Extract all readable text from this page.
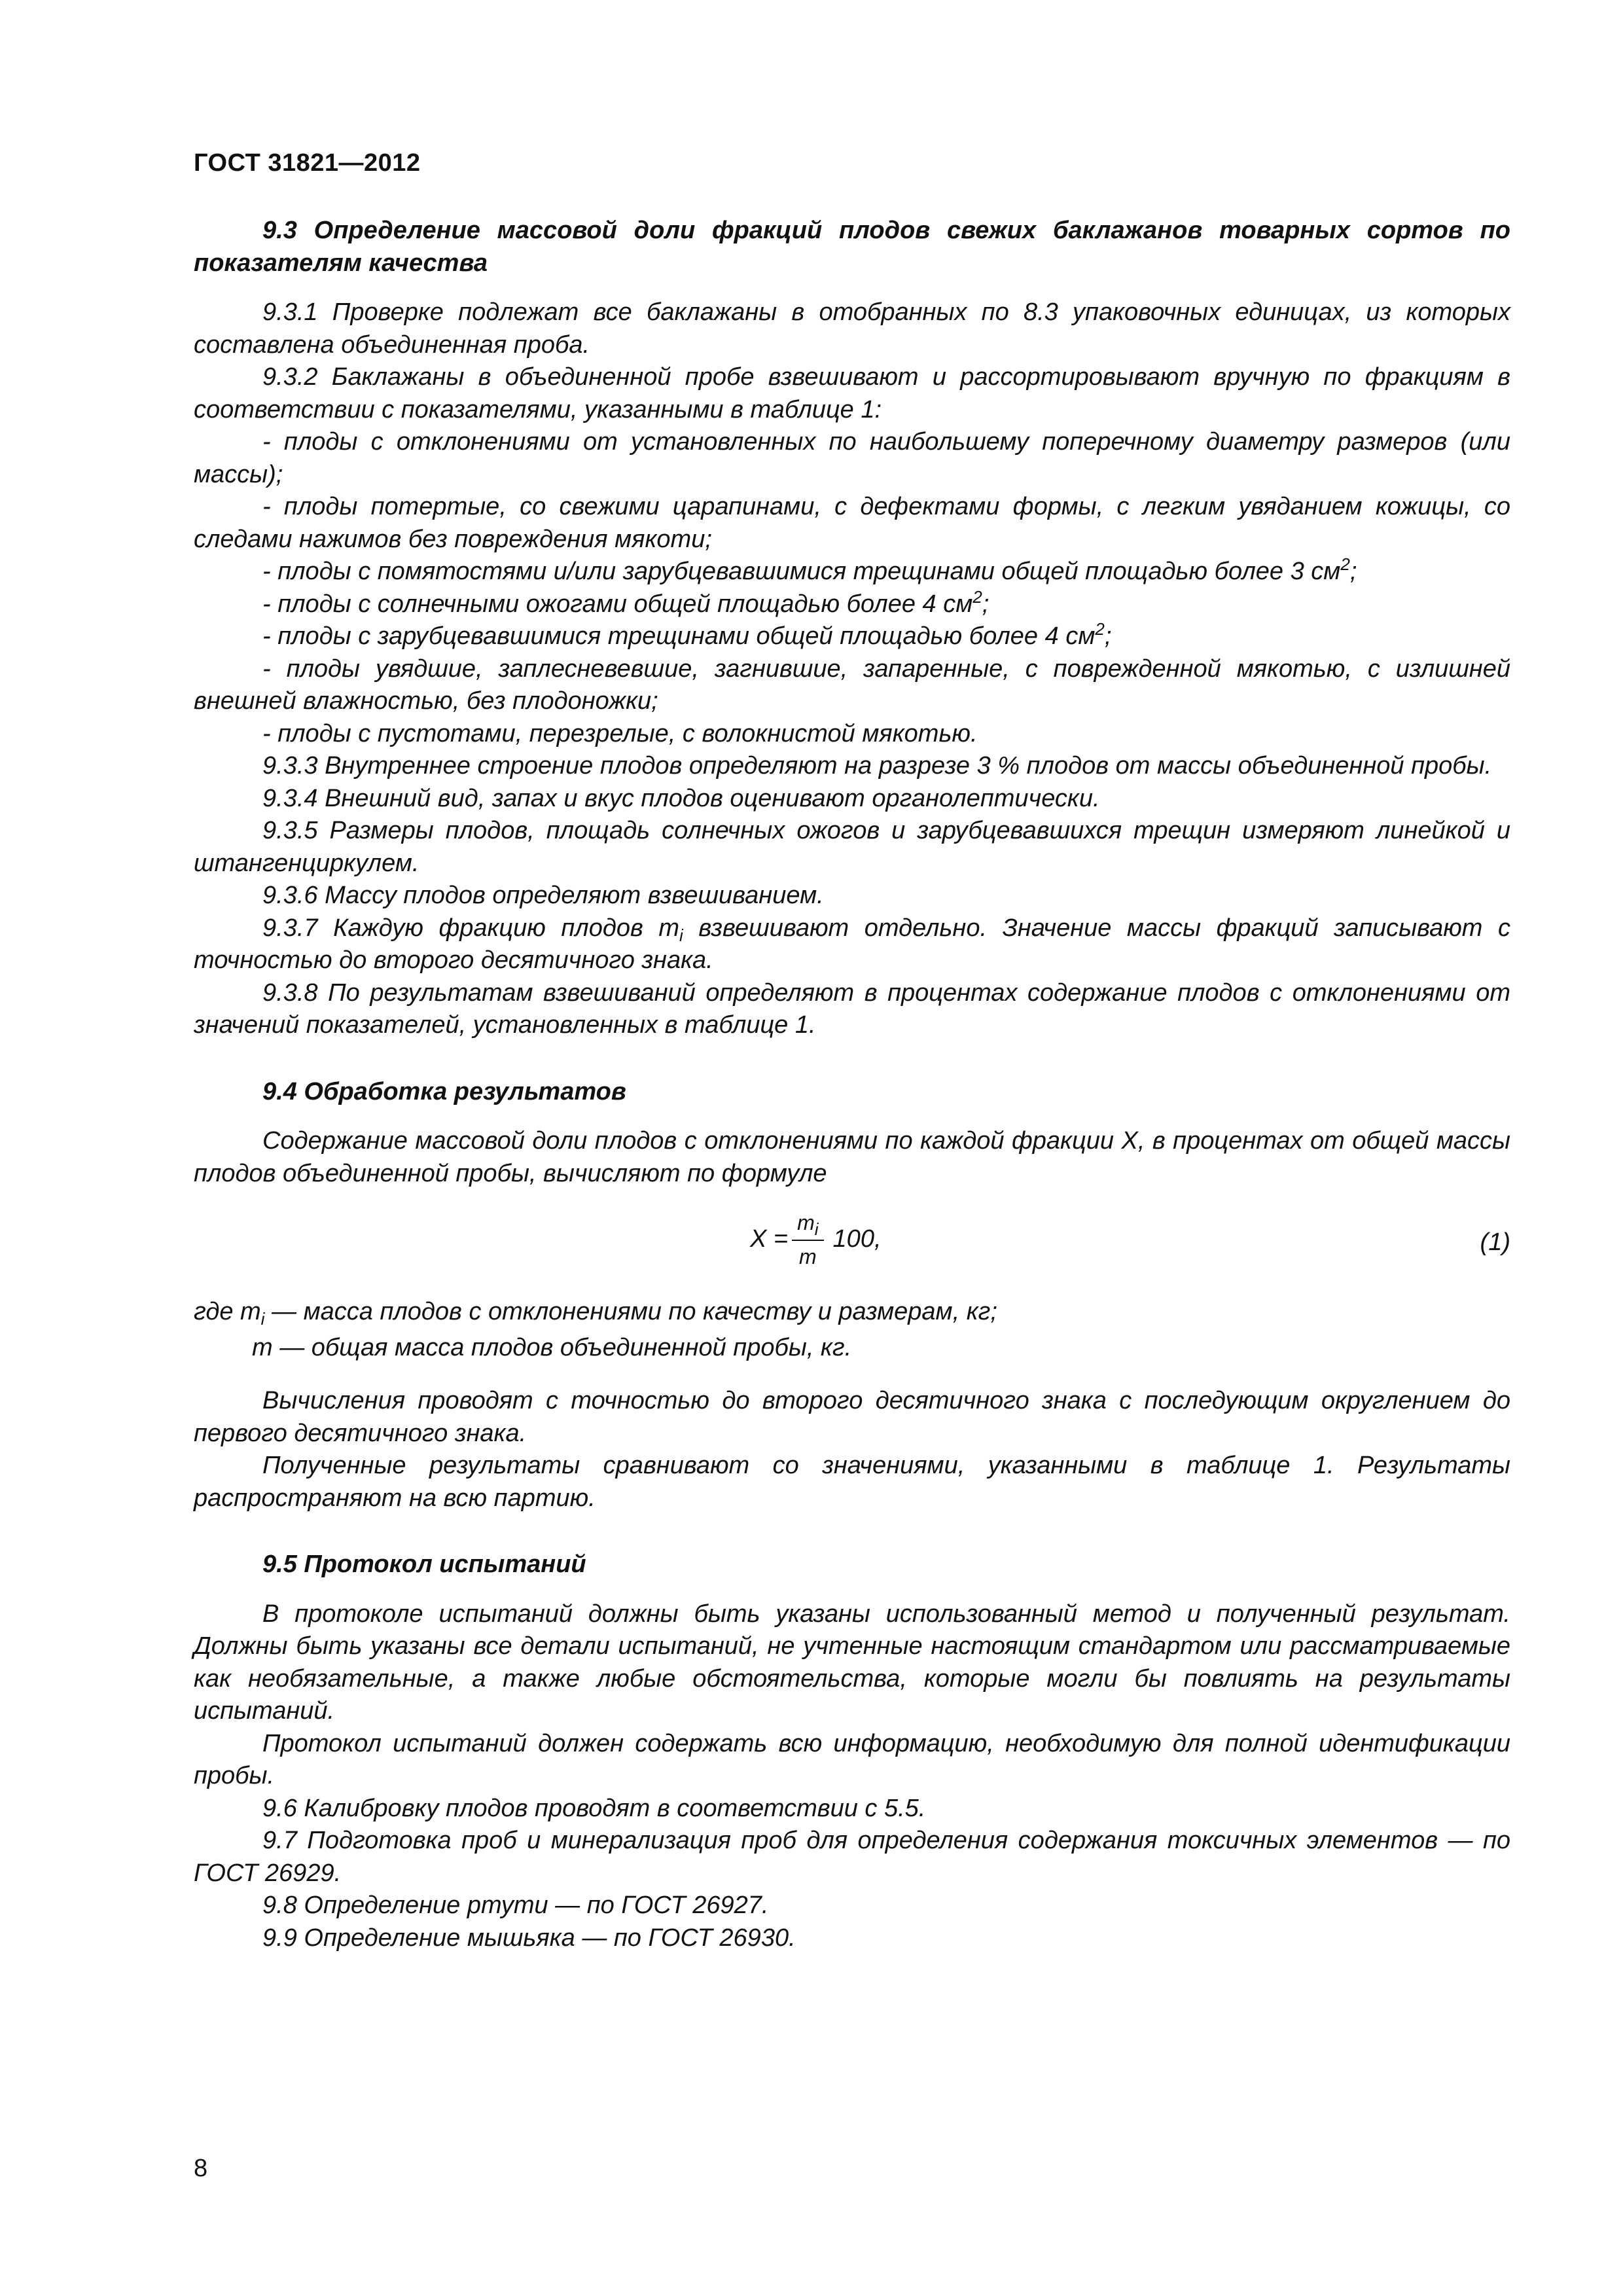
ГОСТ 31821—2012

9.3 Определение массовой доли фракций плодов свежих баклажанов товарных сортов по показателям качества

9.3.1 Проверке подлежат все баклажаны в отобранных по 8.3 упаковочных единицах, из которых составлена объединенная проба.

9.3.2 Баклажаны в объединенной пробе взвешивают и рассортировывают вручную по фракциям в соответствии с показателями, указанными в таблице 1:

- плоды с отклонениями от установленных по наибольшему поперечному диаметру размеров (или массы);

- плоды потертые, со свежими царапинами, с дефектами формы, с легким увяданием кожицы, со следами нажимов без повреждения мякоти;

- плоды с помятостями и/или зарубцевавшимися трещинами общей площадью более 3 $см^2$;

- плоды с солнечными ожогами общей площадью более 4 $см^2$;

- плоды с зарубцевавшимися трещинами общей площадью более 4 $см^2$;

- плоды увядшие, заплесневевшие, загнившие, запаренные, с поврежденной мякотью, с излишней внешней влажностью, без плодоножки;

- плоды с пустотами, перезрелые, с волокнистой мякотью.

9.3.3 Внутреннее строение плодов определяют на разрезе 3 % плодов от массы объединенной пробы.

9.3.4 Внешний вид, запах и вкус плодов оценивают органолептически.

9.3.5 Размеры плодов, площадь солнечных ожогов и зарубцевавшихся трещин измеряют линейкой и штангенциркулем.

9.3.6 Массу плодов определяют взвешиванием.

9.3.7 Каждую фракцию плодов $m_i$ взвешивают отдельно. Значение массы фракций записывают с точностью до второго десятичного знака.

9.3.8 По результатам взвешиваний определяют в процентах содержание плодов с отклонениями от значений показателей, установленных в таблице 1.

9.4 Обработка результатов

Содержание массовой доли плодов с отклонениями по каждой фракции X, в процентах от общей массы плодов объединенной пробы, вычисляют по формуле

$X = \frac{m_i}{m} 100$,	(1)
где $m_i$ — масса плодов с отклонениями по качеству и размерам, кг;
m — общая масса плодов объединенной пробы, кг.

Вычисления проводят с точностью до второго десятичного знака с последующим округлением до первого десятичного знака.

Полученные результаты сравнивают со значениями, указанными в таблице 1. Результаты распространяют на всю партию.

9.5 Протокол испытаний

В протоколе испытаний должны быть указаны использованный метод и полученный результат. Должны быть указаны все детали испытаний, не учтенные настоящим стандартом или рассматриваемые как необязательные, а также любые обстоятельства, которые могли бы повлиять на результаты испытаний.

Протокол испытаний должен содержать всю информацию, необходимую для полной идентификации пробы.

9.6 Калибровку плодов проводят в соответствии с 5.5.

9.7 Подготовка проб и минерализация проб для определения содержания токсичных элементов — по ГОСТ 26929.

9.8 Определение ртути — по ГОСТ 26927.

9.9 Определение мышьяка — по ГОСТ 26930.

8
